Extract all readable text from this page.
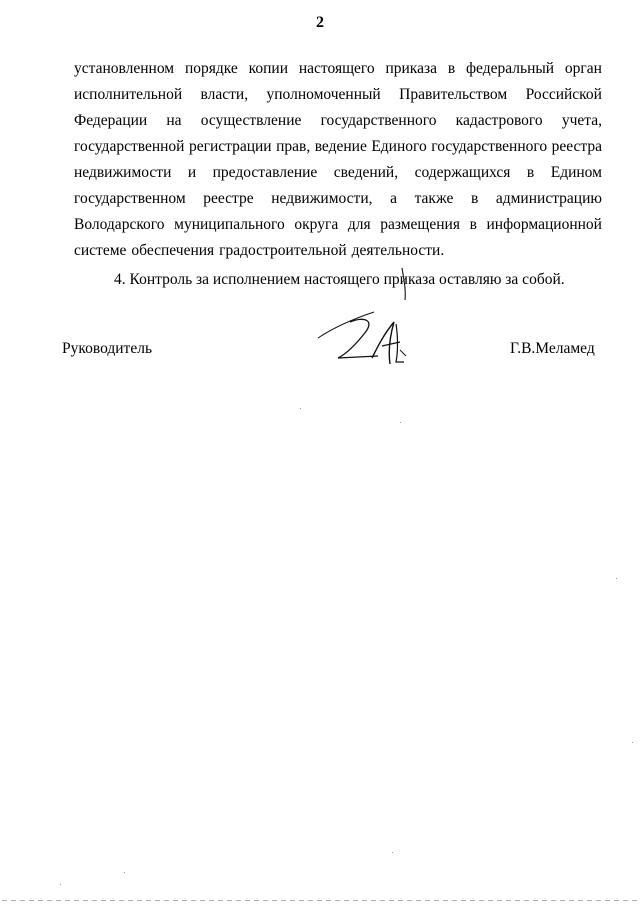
2
установленном порядке копии настоящего приказа в федеральный орган
исполнительной власти, уполномоченный Правительством Российской
Федерации на осуществление государственного кадастрового учета,
государственной регистрации прав, ведение Единого государственного реестра
недвижимости и предоставление сведений, содержащихся в Едином
государственном реестре недвижимости, а также в администрацию
Володарского муниципального округа для размещения в информационной
системе обеспечения градостроительной деятельности.
4. Контроль за исполнением настоящего приказа оставляю за собой.
Руководитель	Г.В.Меламед
